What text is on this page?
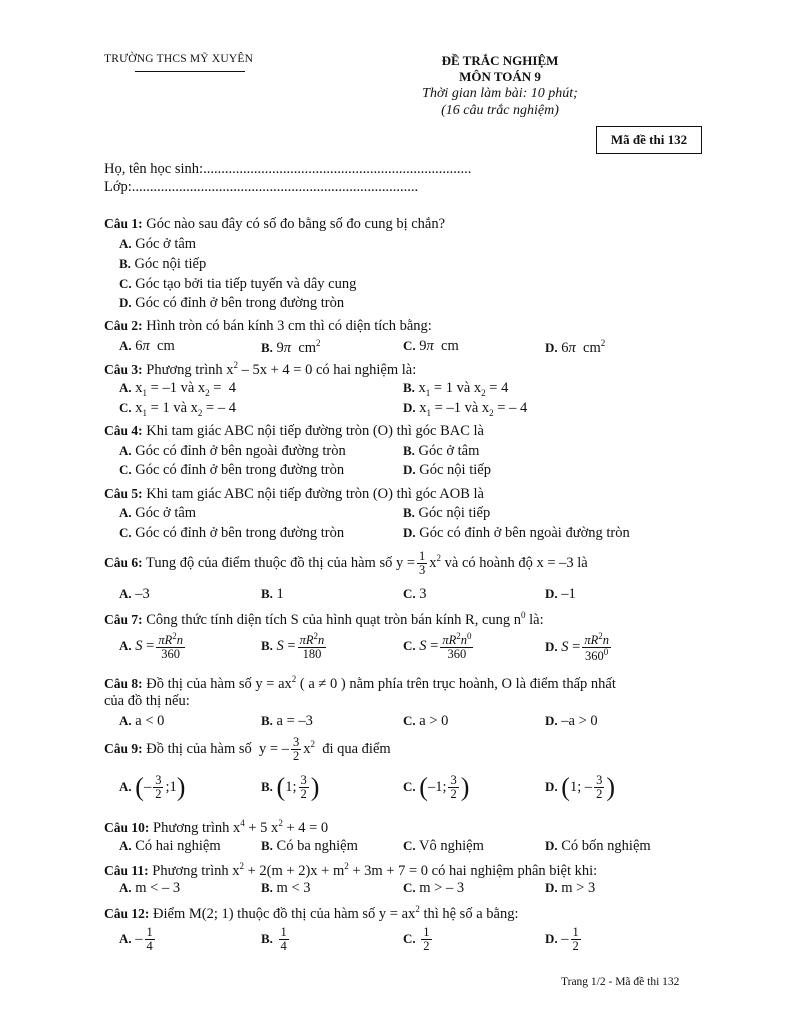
TRƯỜNG THCS MỸ XUYÊN	ĐỀ TRẮC NGHIỆM
MÔN TOÁN 9
Thời gian làm bài: 10 phút;
(16 câu trắc nghiệm)
Mã đề thi 132
Họ, tên học sinh:..........................................................................
Lớp:...............................................................................
Câu 1: Góc nào sau đây có số đo bằng số đo cung bị chắn?
A. Góc ở tâm
B. Góc nội tiếp
C. Góc tạo bởi tia tiếp tuyến và dây cung
D. Góc có đỉnh ở bên trong đường tròn
Câu 2: Hình tròn có bán kính 3 cm thì có diện tích bằng:
A. 6π  cm	B. 9π  $cm^2$	C. 9π  cm	D. 6π  $cm^2$
Câu 3: Phương trình $x^2 - 5x + 4 = 0$ có hai nghiệm là:
A. $x_1 = -1$ và $x_2 = 4$	B. $x_1 = 1$ và $x_2 = 4$
C. $x_1 = 1$ và $x_2$ = – 4	D. $x_1 = -1$ và $x_2$ = – 4
Câu 4: Khi tam giác ABC nội tiếp đường tròn (O) thì góc BAC là
A. Góc có đỉnh ở bên ngoài đường tròn	B. Góc ở tâm
C. Góc có đỉnh ở bên trong đường tròn	D. Góc nội tiếp
Câu 5: Khi tam giác ABC nội tiếp đường tròn (O) thì góc AOB là
A. Góc ở tâm	B. Góc nội tiếp
C. Góc có đỉnh ở bên trong đường tròn	D. Góc có đỉnh ở bên ngoài đường tròn
Câu 6: Tung độ của điểm thuộc đồ thị của hàm số $y = \frac{1}{3} x^2$ và có hoành độ x = –3 là
A. –3	B. 1	C. 3	D. –1
Câu 7: Công thức tính diện tích S của hình quạt tròn bán kính R, cung $n^0$ là:
A. $S = \frac{\pi R^2n}{360}$	B. $S = \frac{\pi R^2n}{180}$	C. $S = \frac{\pi R^2n^0}{360}$	D. $S = \frac{\pi R^2n}{360^0}$
Câu 8: Đồ thị của hàm số $y = ax^2$ ( a ≠ 0 ) nằm phía trên trục hoành, O là điểm thấp nhất
của đồ thị nếu:
A. a < 0	B. a = –3	C. a > 0	D. –a > 0
Câu 9: Đồ thị của hàm số  y = – $\frac{3}{2} x^2$ đi qua điểm
A. (– $\frac{3}{2}$ ;1)	B. (1; $\frac{3}{2}$ )	C. (–1; $\frac{3}{2}$ )	D. (1; – $\frac{3}{2}$ )
Câu 10: Phương trình $x^4 + 5$ $x^2 + 4 = 0$
A. Có hai nghiệm	B. Có ba nghiệm	C. Vô nghiệm	D. Có bốn nghiệm
Câu 11: Phương trình $x^2 + 2(m + 2)x + m^2 + 3m + 7 = 0$ có hai nghiệm phân biệt khi:
A. m < – 3	B. m < 3	C. m > – 3	D. m > 3
Câu 12: Điểm M(2; 1) thuộc đồ thị của hàm số $y = ax^2$ thì hệ số a bằng:
A. – $\frac{1}{4}$	B. $\frac{1}{4}$	C. $\frac{1}{2}$	D. – $\frac{1}{2}$
Trang 1/2 - Mã đề thi 132
